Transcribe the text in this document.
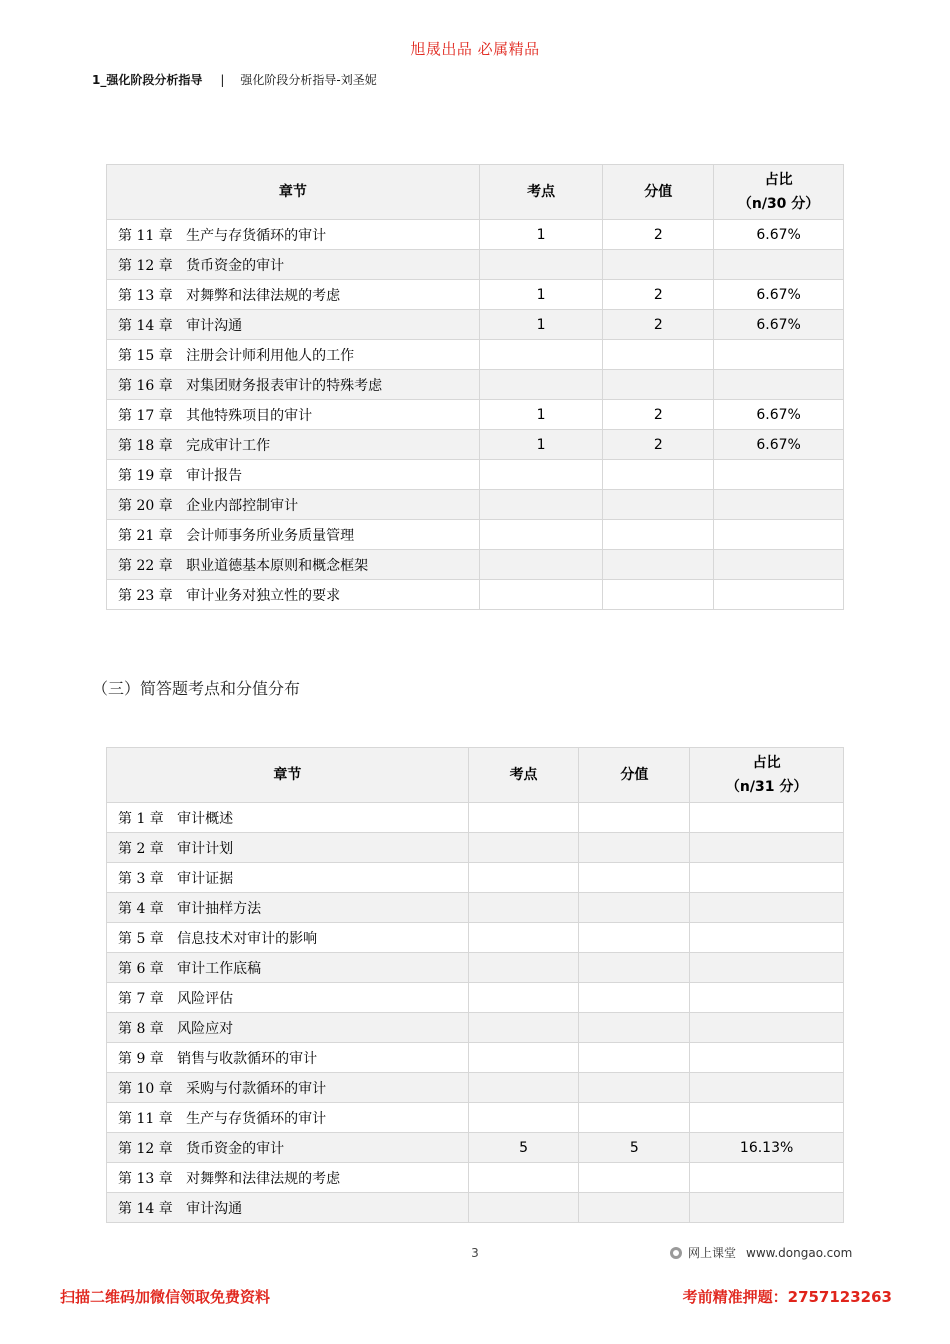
旭晟出品 必属精品
1_强化阶段分析指导 | 强化阶段分析指导-刘圣妮
章节	考点	分值	占比
（n/30 分）

第 11 章   生产与存货循环的审计	1	2	6.67%
第 12 章   货币资金的审计			
第 13 章   对舞弊和法律法规的考虑	1	2	6.67%
第 14 章   审计沟通	1	2	6.67%
第 15 章   注册会计师利用他人的工作			
第 16 章   对集团财务报表审计的特殊考虑			
第 17 章   其他特殊项目的审计	1	2	6.67%
第 18 章   完成审计工作	1	2	6.67%
第 19 章   审计报告			
第 20 章   企业内部控制审计			
第 21 章   会计师事务所业务质量管理			
第 22 章   职业道德基本原则和概念框架			
第 23 章   审计业务对独立性的要求			
（三）简答题考点和分值分布
章节	考点	分值	占比
（n/31 分）

第 1 章   审计概述			
第 2 章   审计计划			
第 3 章   审计证据			
第 4 章   审计抽样方法			
第 5 章   信息技术对审计的影响			
第 6 章   审计工作底稿			
第 7 章   风险评估			
第 8 章   风险应对			
第 9 章   销售与收款循环的审计			
第 10 章   采购与付款循环的审计			
第 11 章   生产与存货循环的审计			
第 12 章   货币资金的审计	5	5	16.13%
第 13 章   对舞弊和法律法规的考虑			
第 14 章   审计沟通			
3	网上课堂 www.dongao.com
扫描二维码加微信领取免费资料	考前精准押题：2757123263
